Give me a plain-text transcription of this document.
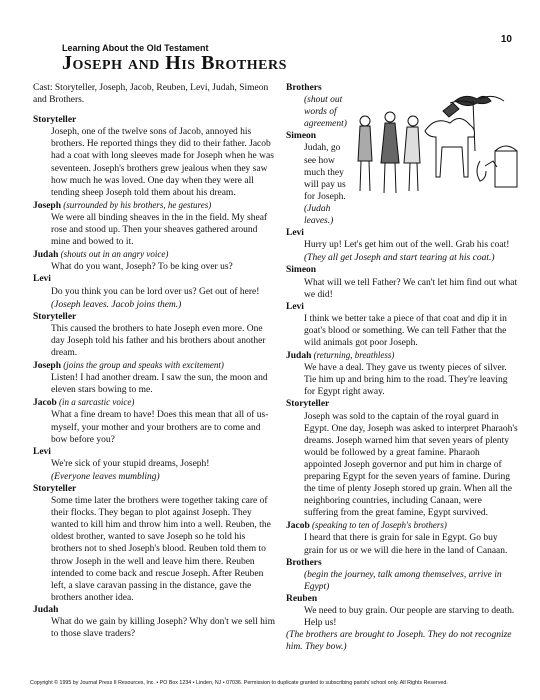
10
Learning About the Old Testament
Joseph and His Brothers

Cast: Storyteller, Joseph, Jacob, Reuben, Levi, Judah, Simeon and Brothers.

Storyteller

Joseph, one of the twelve sons of Jacob, annoyed his brothers. He reported things they did to their father. Jacob had a coat with long sleeves made for Joseph when he was seventeen. Joseph's brothers grew jealous when they saw how much he was loved. One day when they were all tending sheep Joseph told them about his dream.

Joseph (surrounded by his brothers, he gestures)

We were all binding sheaves in the in the field. My sheaf rose and stood up. Then your sheaves gathered around mine and bowed to it.

Judah (shouts out in an angry voice)

What do you want, Joseph? To be king over us?

Levi

Do you think you can be lord over us? Get out of here!

(Joseph leaves. Jacob joins them.)

Storyteller

This caused the brothers to hate Joseph even more. One day Joseph told his father and his brothers about another dream.

Joseph (joins the group and speaks with excitement)

Listen! I had another dream. I saw the sun, the moon and eleven stars bowing to me.

Jacob (in a sarcastic voice)

What a fine dream to have! Does this mean that all of us-myself, your mother and your brothers are to come and bow before you?

Levi

We're sick of your stupid dreams, Joseph!

(Everyone leaves mumbling)

Storyteller

Some time later the brothers were together taking care of their flocks. They began to plot against Joseph. They wanted to kill him and throw him into a well. Reuben, the oldest brother, wanted to save Joseph so he told his brothers not to shed Joseph's blood. Reuben told them to throw Joseph in the well and leave him there. Reuben intended to come back and rescue Joseph. After Reuben left, a slave caravan passing in the distance, gave the brothers another idea.

Judah

What do we gain by killing Joseph? Why don't we sell him to those slave traders?

Brothers

(shout out words of agreement)

Simeon

Judah, go see how much they will pay us for Joseph. (Judah leaves.)

Levi

Hurry up! Let's get him out of the well. Grab his coat!

(They all get Joseph and start tearing at his coat.)

Simeon

What will we tell Father? We can't let him find out what we did!

Levi

I think we better take a piece of that coat and dip it in goat's blood or something. We can tell Father that the wild animals got poor Joseph.

Judah (returning, breathless)

We have a deal. They gave us twenty pieces of silver. Tie him up and bring him to the road. They're leaving for Egypt right away.

Storyteller

Joseph was sold to the captain of the royal guard in Egypt. One day, Joseph was asked to interpret Pharaoh's dreams. Joseph warned him that seven years of plenty would be followed by a great famine. Pharaoh appointed Joseph governor and put him in charge of preparing Egypt for the seven years of famine. During the time of plenty Joseph stored up grain. When all the neighboring countries, including Canaan, were suffering from the great famine, Egypt survived.

Jacob (speaking to ten of Joseph's brothers)

I heard that there is grain for sale in Egypt. Go buy grain for us or we will die here in the land of Canaan.

Brothers

(begin the journey, talk among themselves, arrive in Egypt)

Reuben

We need to buy grain. Our people are starving to death. Help us!

(The brothers are brought to Joseph. They do not recognize him. They bow.)

Copyright © 1995 by Journal Press II Resources, Inc. • PO Box 1234 • Linden, NJ • 07036. Permission to duplicate granted to subscribing parish/ school only. All Rights Reserved.
